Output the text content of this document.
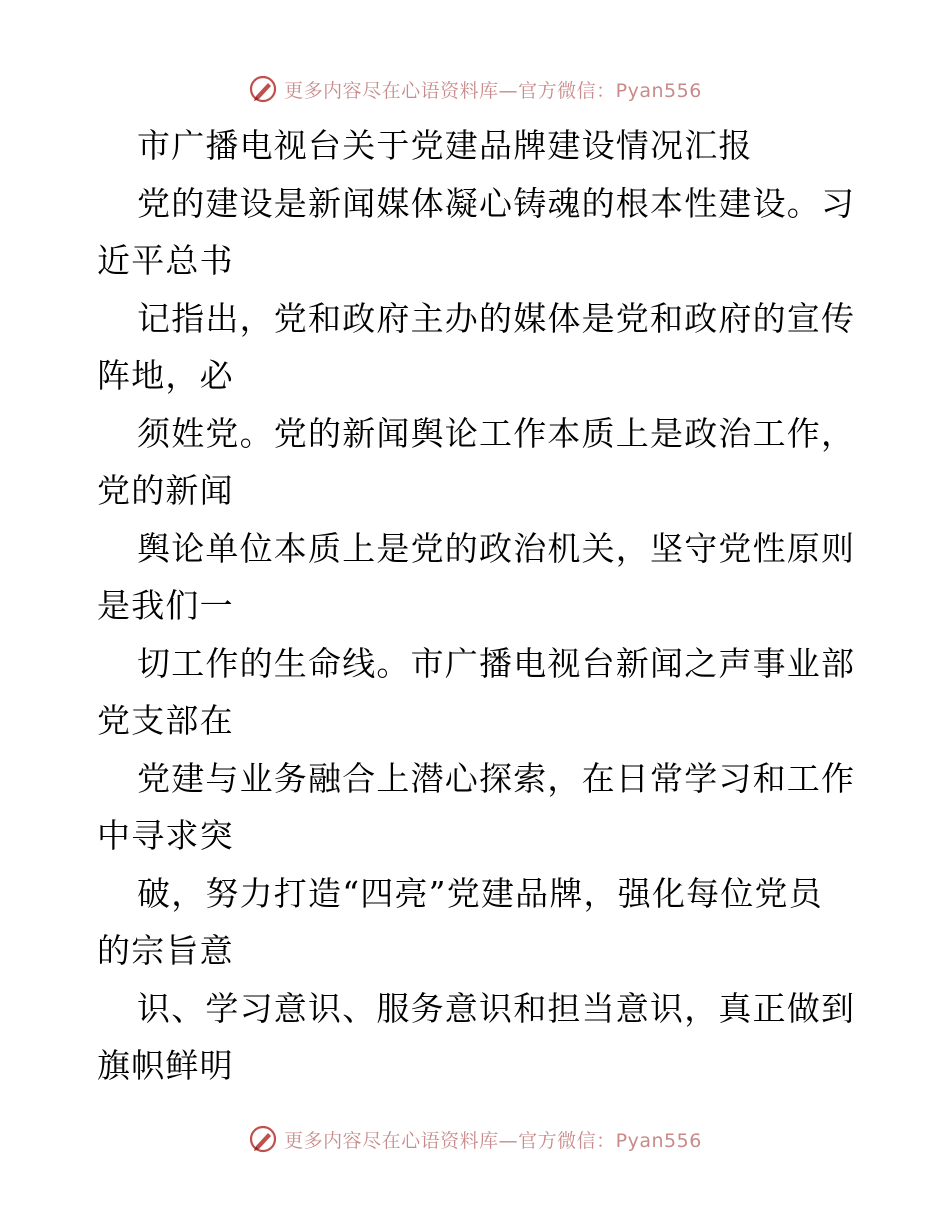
更多内容尽在心语资料库—官方微信：Pyan556
市广播电视台关于党建品牌建设情况汇报
党的建设是新闻媒体凝心铸魂的根本性建设。习
近平总书
记指出，党和政府主办的媒体是党和政府的宣传
阵地，必
须姓党。党的新闻舆论工作本质上是政治工作，
党的新闻
舆论单位本质上是党的政治机关，坚守党性原则
是我们一
切工作的生命线。市广播电视台新闻之声事业部
党支部在
党建与业务融合上潜心探索，在日常学习和工作
中寻求突
破，努力打造“四亮”党建品牌，强化每位党员
的宗旨意
识、学习意识、服务意识和担当意识，真正做到
旗帜鲜明
更多内容尽在心语资料库—官方微信：Pyan556
